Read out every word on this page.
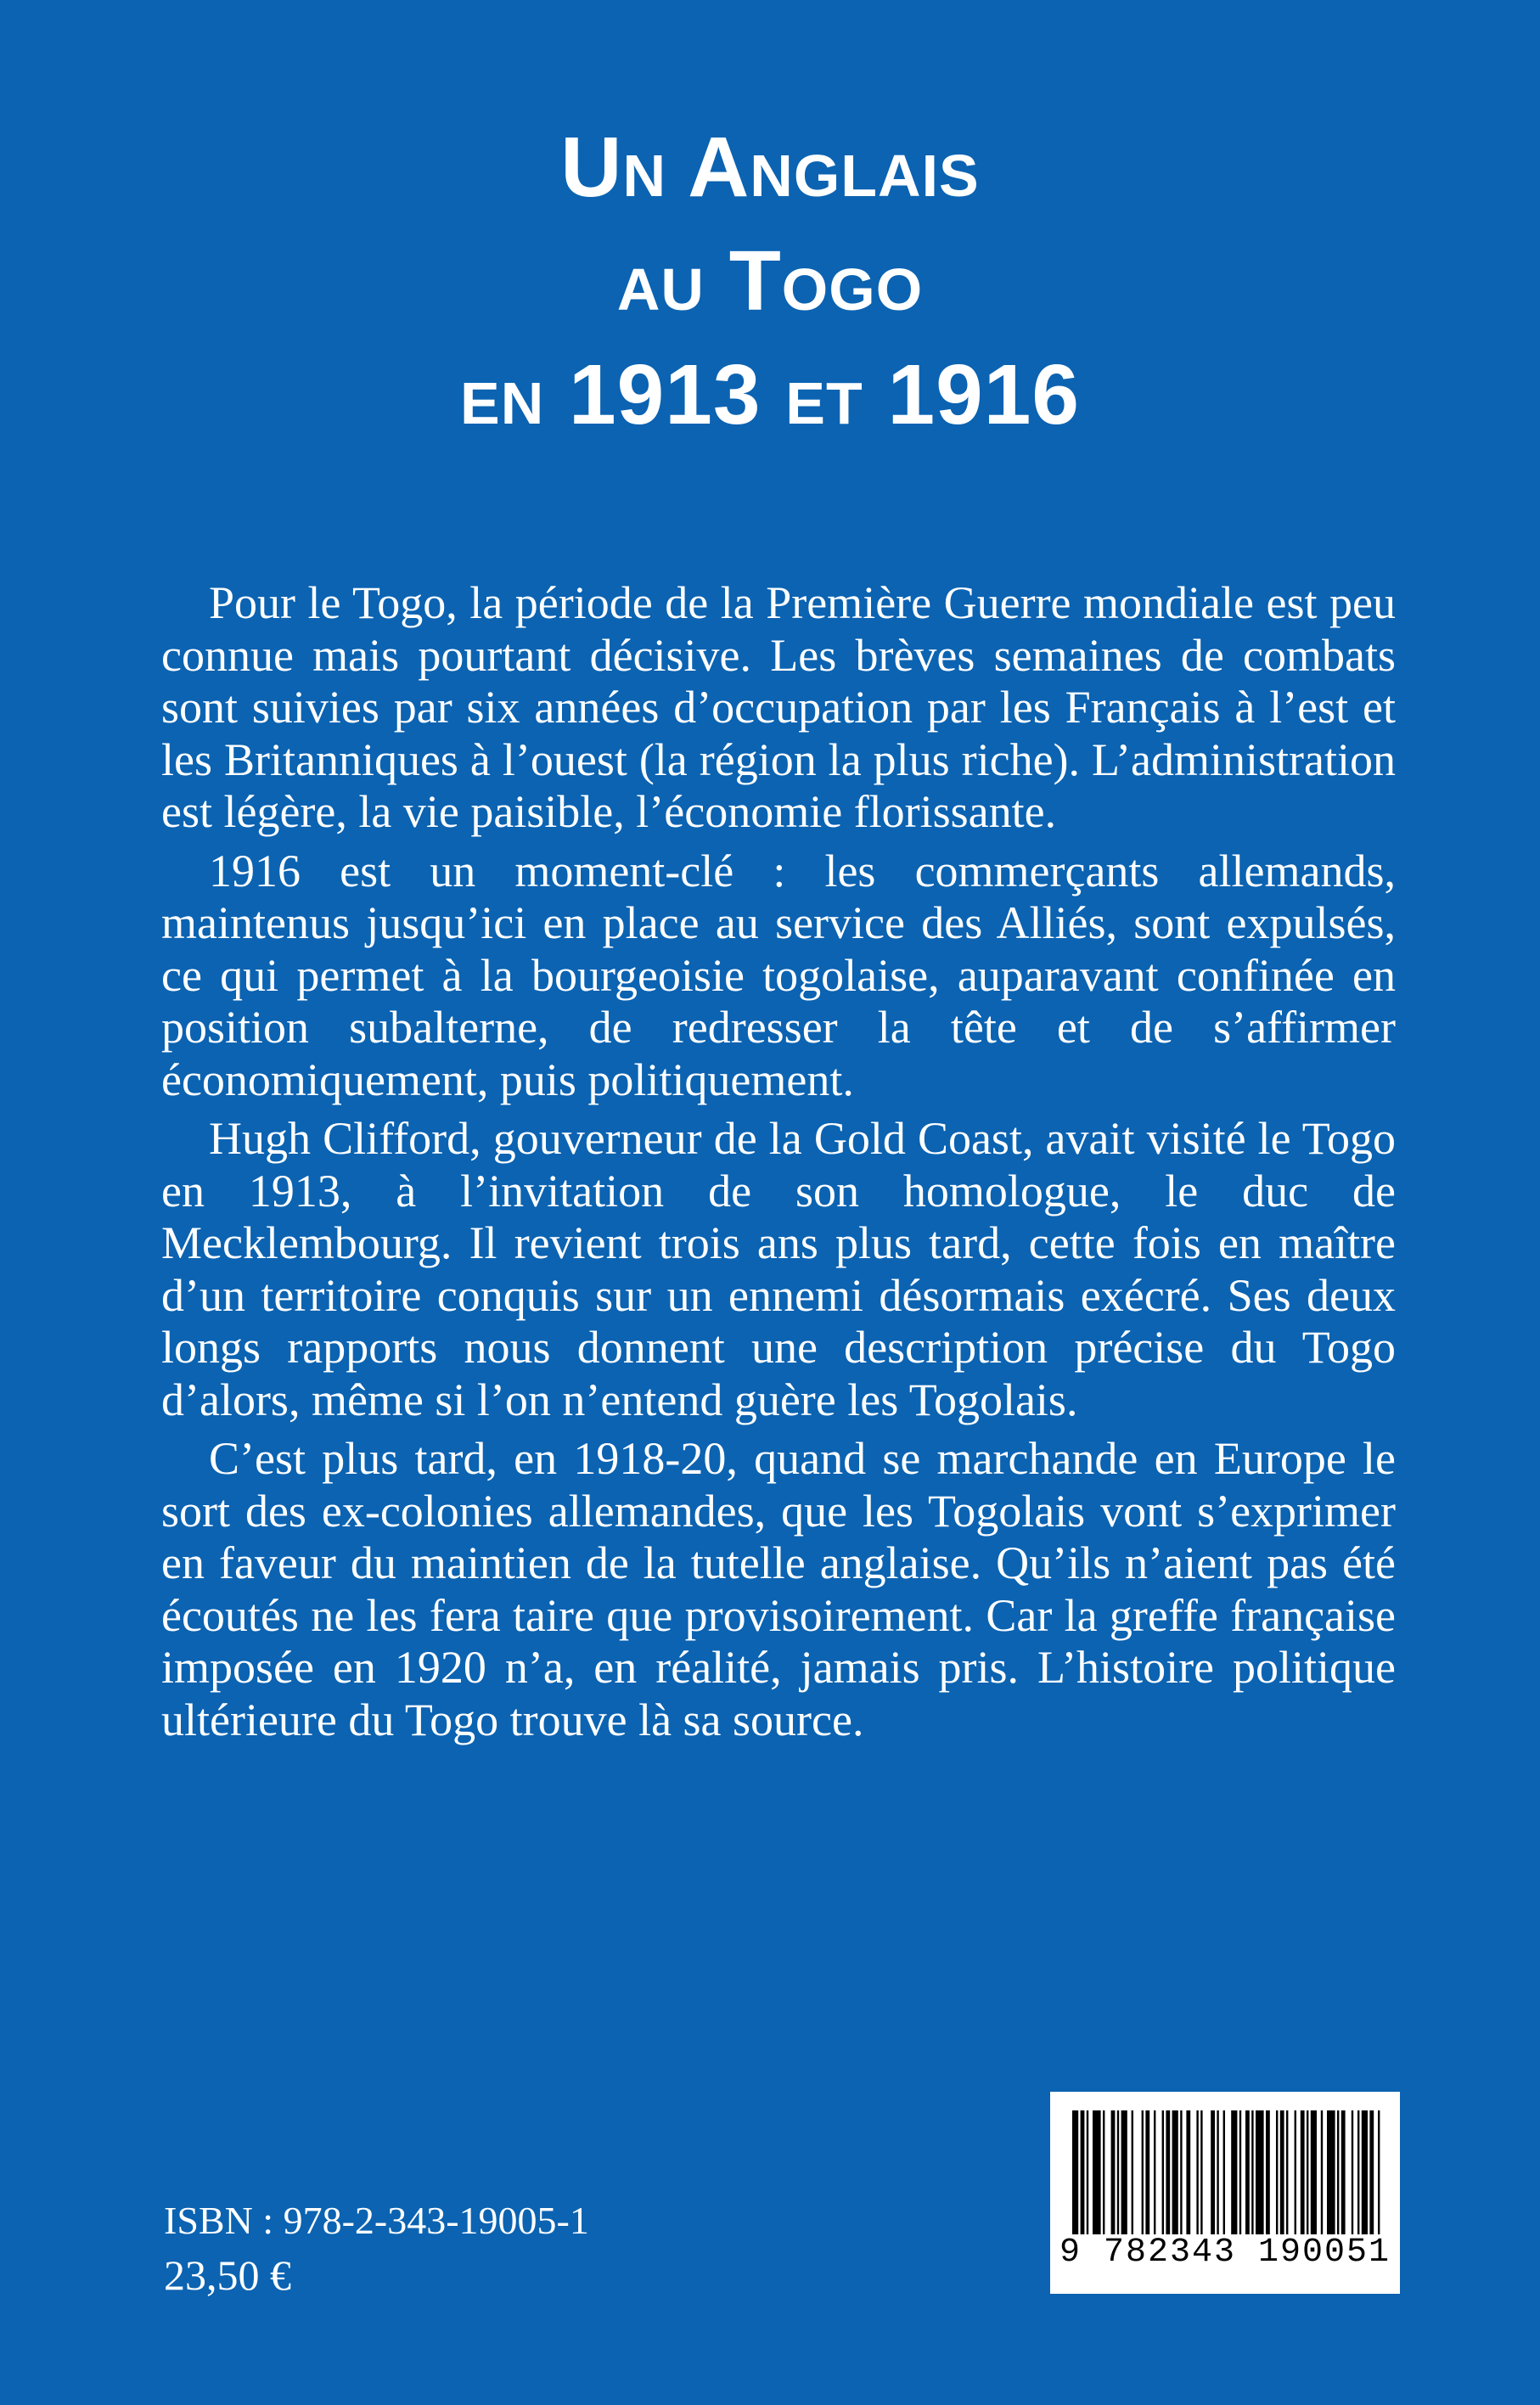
Un Anglais
au Togo
en 1913 et 1916

Pour le Togo, la période de la Première Guerre mondiale est peu connue mais pourtant décisive. Les brèves semaines de combats sont suivies par six années d’occupation par les Français à l’est et les Britanniques à l’ouest (la région la plus riche). L’administration est légère, la vie paisible, l’économie florissante.

1916 est un moment-clé : les commerçants allemands, maintenus jusqu’ici en place au service des Alliés, sont expulsés, ce qui permet à la bourgeoisie togolaise, auparavant confinée en position subalterne, de redresser la tête et de s’affirmer économiquement, puis politiquement.

Hugh Clifford, gouverneur de la Gold Coast, avait visité le Togo en 1913, à l’invitation de son homologue, le duc de Mecklembourg. Il revient trois ans plus tard, cette fois en maître d’un territoire conquis sur un ennemi désormais exécré. Ses deux longs rapports nous donnent une description précise du Togo d’alors, même si l’on n’entend guère les Togolais.

C’est plus tard, en 1918-20, quand se marchande en Europe le sort des ex-colonies allemandes, que les Togolais vont s’exprimer en faveur du maintien de la tutelle anglaise. Qu’ils n’aient pas été écoutés ne les fera taire que provisoirement. Car la greffe française imposée en 1920 n’a, en réalité, jamais pris. L’histoire politique ultérieure du Togo trouve là sa source.

ISBN : 978-2-343-19005-1
23,50 €	9 782343 190051
